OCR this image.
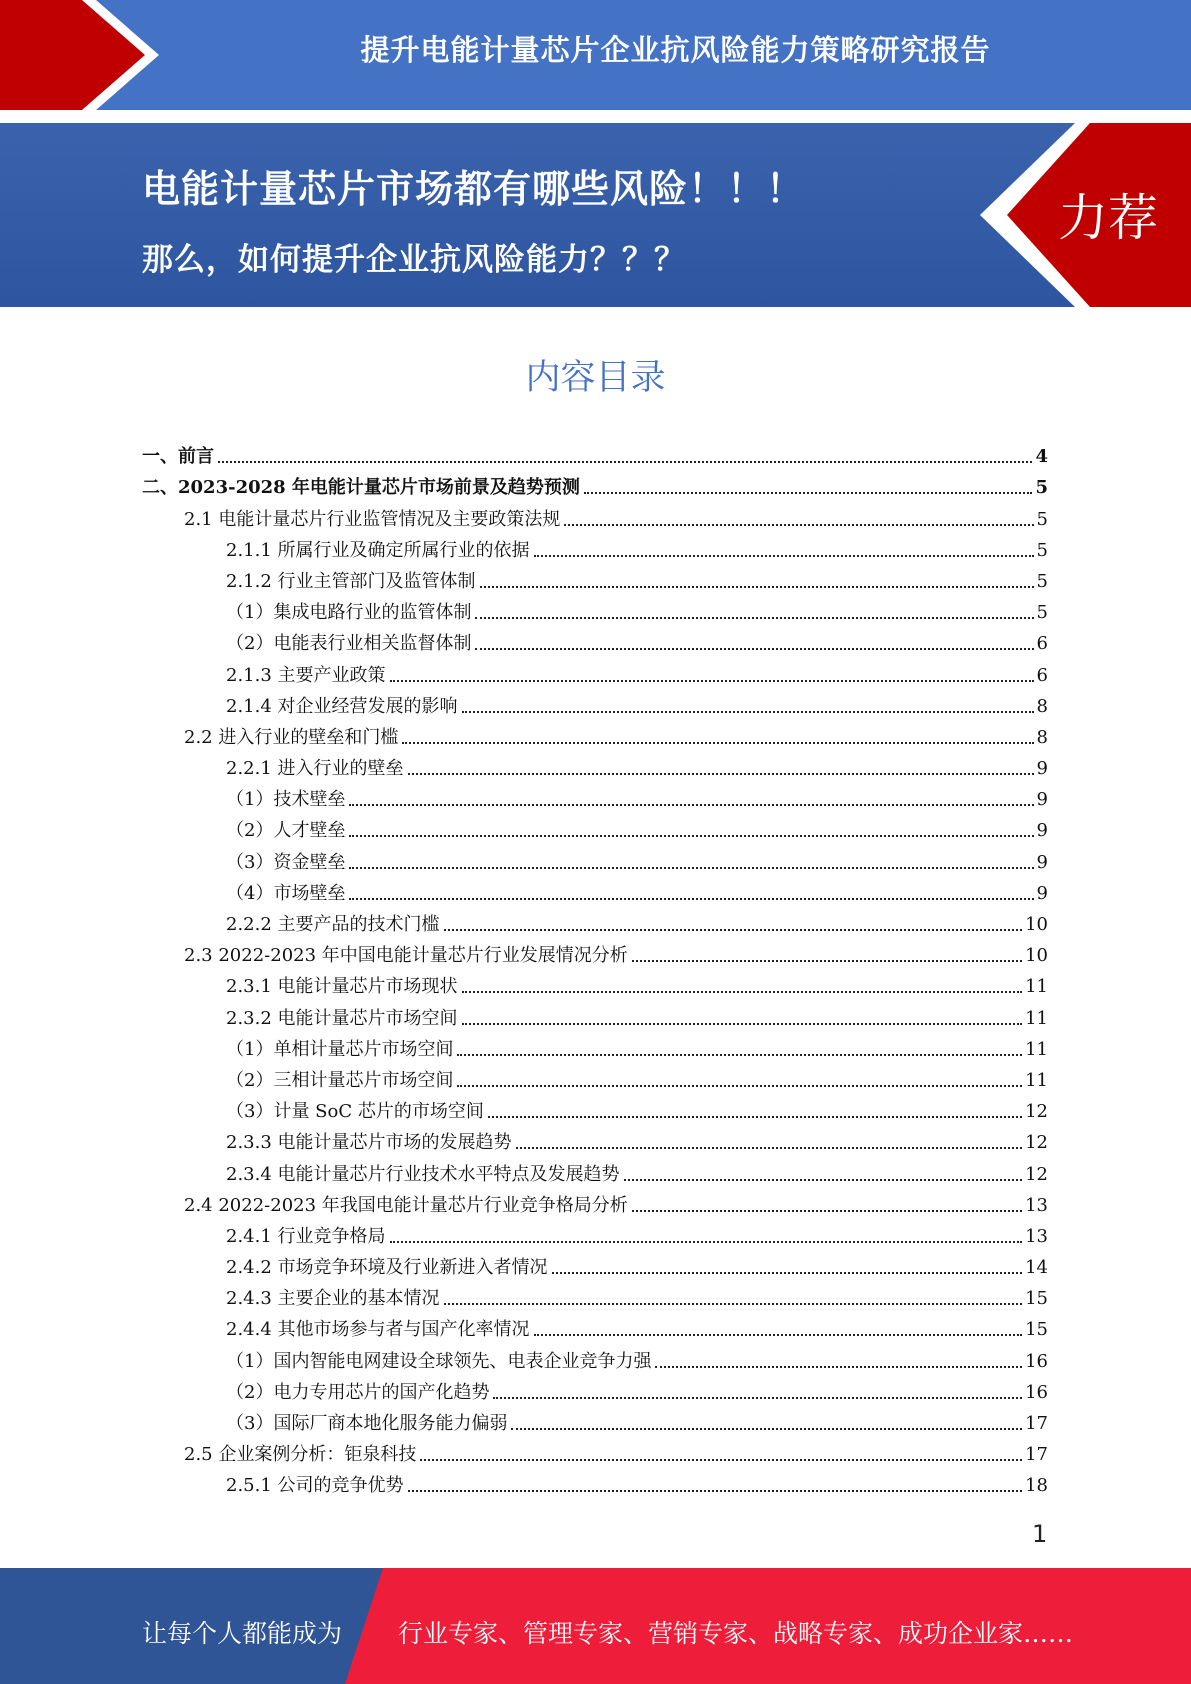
提升电能计量芯片企业抗风险能力策略研究报告
电能计量芯片市场都有哪些风险！！！
那么，如何提升企业抗风险能力？？？
力荐
内容目录
一、前言	4
二、2023-2028 年电能计量芯片市场前景及趋势预测	5
2.1 电能计量芯片行业监管情况及主要政策法规	5
2.1.1 所属行业及确定所属行业的依据	5
2.1.2 行业主管部门及监管体制	5
（1）集成电路行业的监管体制	5
（2）电能表行业相关监督体制	6
2.1.3 主要产业政策	6
2.1.4 对企业经营发展的影响	8
2.2 进入行业的壁垒和门槛	8
2.2.1 进入行业的壁垒	9
（1）技术壁垒	9
（2）人才壁垒	9
（3）资金壁垒	9
（4）市场壁垒	9
2.2.2 主要产品的技术门槛	10
2.3 2022-2023 年中国电能计量芯片行业发展情况分析	10
2.3.1 电能计量芯片市场现状	11
2.3.2 电能计量芯片市场空间	11
（1）单相计量芯片市场空间	11
（2）三相计量芯片市场空间	11
（3）计量 SoC 芯片的市场空间	12
2.3.3 电能计量芯片市场的发展趋势	12
2.3.4 电能计量芯片行业技术水平特点及发展趋势	12
2.4 2022-2023 年我国电能计量芯片行业竞争格局分析	13
2.4.1 行业竞争格局	13
2.4.2 市场竞争环境及行业新进入者情况	14
2.4.3 主要企业的基本情况	15
2.4.4 其他市场参与者与国产化率情况	15
（1）国内智能电网建设全球领先、电表企业竞争力强	16
（2）电力专用芯片的国产化趋势	16
（3）国际厂商本地化服务能力偏弱	17
2.5 企业案例分析：钜泉科技	17
2.5.1 公司的竞争优势	18
1
让每个人都能成为 行业专家、管理专家、营销专家、战略专家、成功企业家……
